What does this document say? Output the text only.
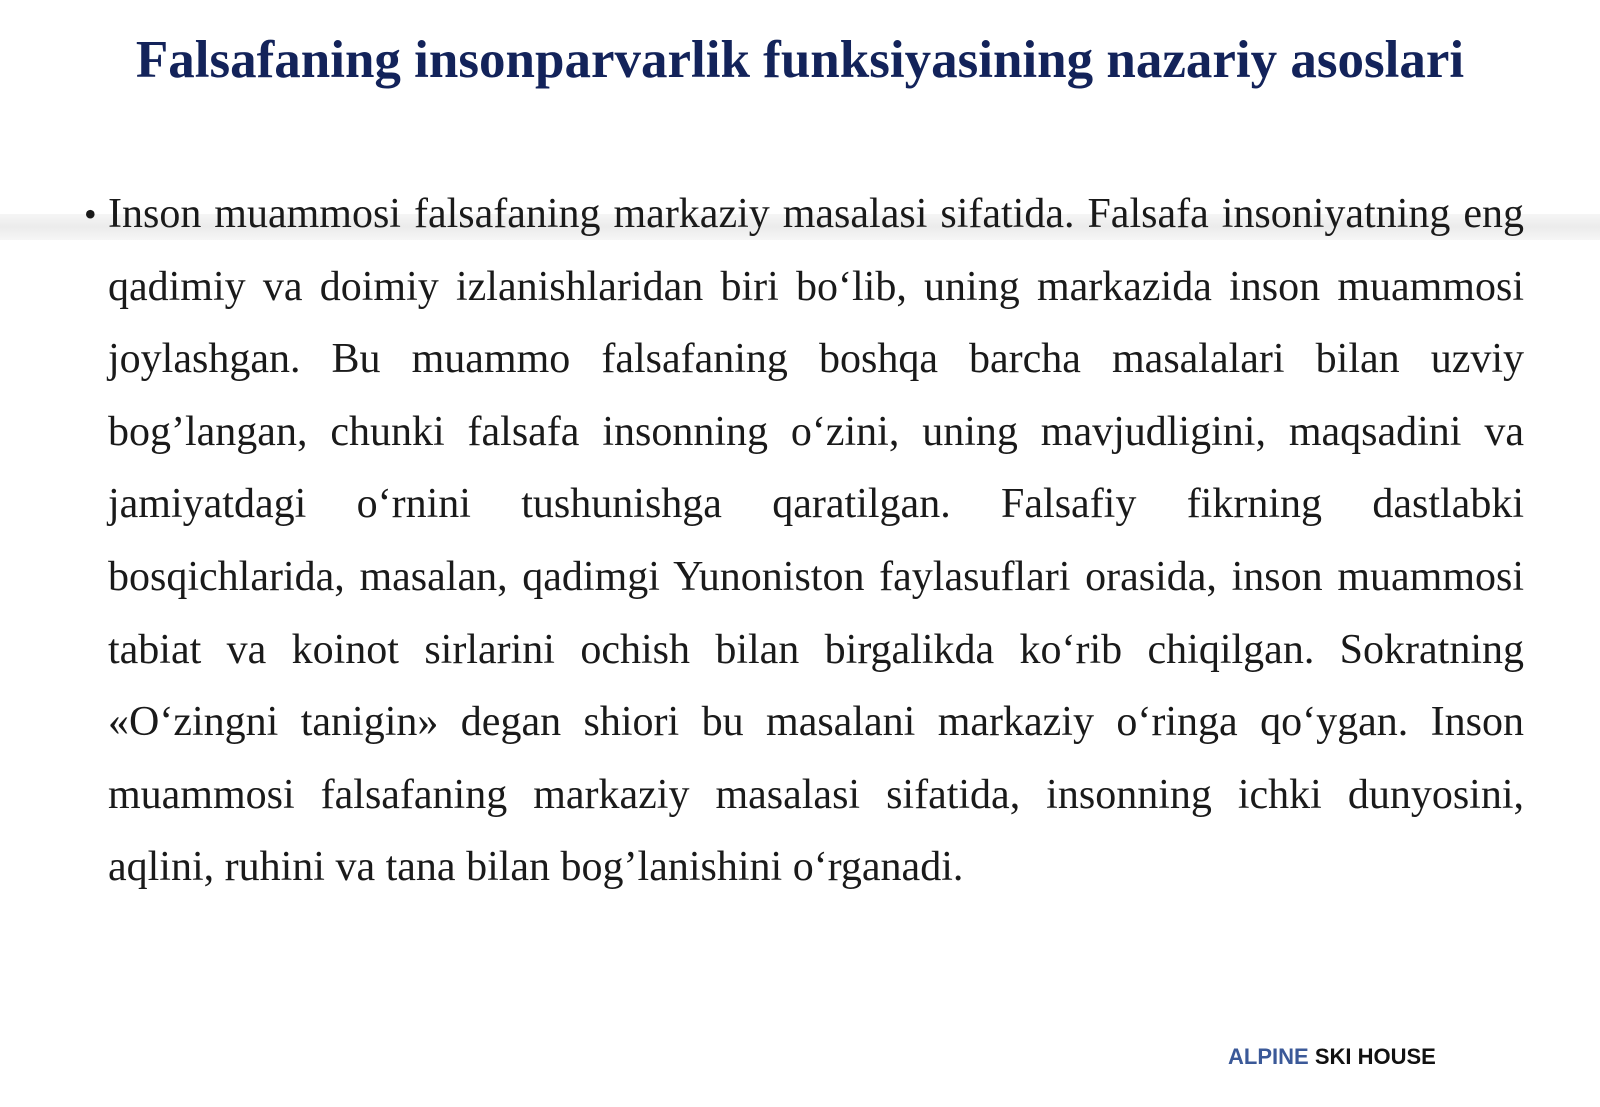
Falsafaning insonparvarlik funksiyasining nazariy asoslari
• Inson muammosi falsafaning markaziy masalasi sifatida. Falsafa insoniyatning eng qadimiy va doimiy izlanishlaridan biri bo‘lib, uning markazida inson muammosi joylashgan. Bu muammo falsafaning boshqa barcha masalalari bilan uzviy bog’langan, chunki falsafa insonning o‘zini, uning mavjudligini, maqsadini va jamiyatdagi o‘rnini tushunishga qaratilgan. Falsafiy fikrning dastlabki bosqichlarida, masalan, qadimgi Yunoniston faylasuflari orasida, inson muammosi tabiat va koinot sirlarini ochish bilan birgalikda ko‘rib chiqilgan. Sokratning «O‘zingni tanigin» degan shiori bu masalani markaziy o‘ringa qo‘ygan. Inson muammosi falsafaning markaziy masalasi sifatida, insonning ichki dunyosini, aqlini, ruhini va tana bilan bog’lanishini o‘rganadi.
ALPINE SKI HOUSE
